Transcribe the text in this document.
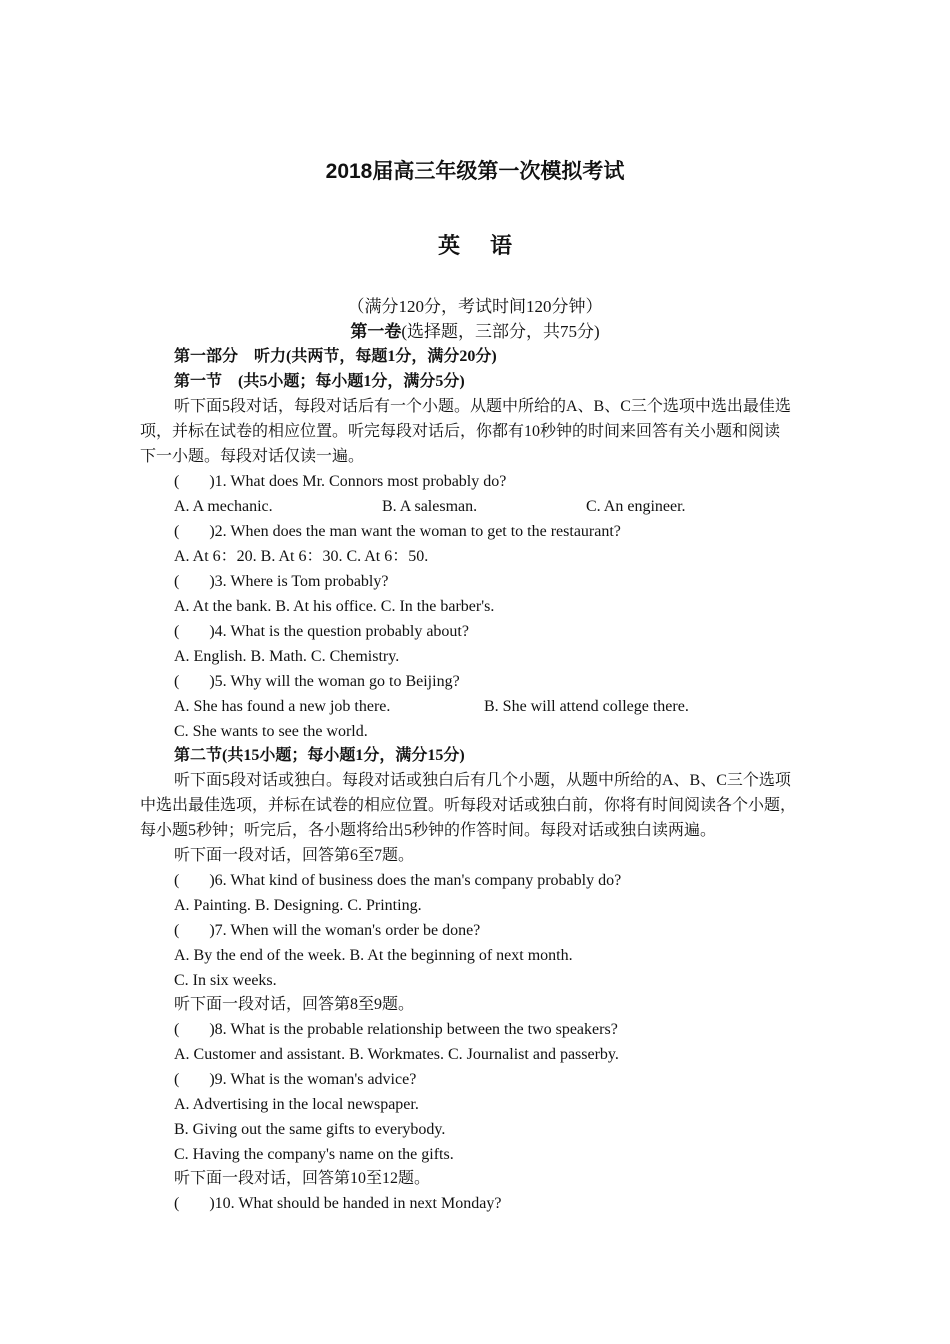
2018届高三年级第一次模拟考试
英语
（满分120分，考试时间120分钟）
第一卷(选择题，三部分，共75分)
第一部分　听力(共两节，每题1分，满分20分)
第一节　(共5小题；每小题1分，满分5分)
听下面5段对话，每段对话后有一个小题。从题中所给的A、B、C三个选项中选出最佳选
项，并标在试卷的相应位置。听完每段对话后，你都有10秒钟的时间来回答有关小题和阅读
下一小题。每段对话仅读一遍。
( )1. What does Mr. Connors most probably do?
A. A mechanic.	B. A salesman.	C. An engineer.
( )2. When does the man want the woman to get to the restaurant?
A. At 6：20. B. At 6：30. C. At 6：50.
( )3. Where is Tom probably?
A. At the bank. B. At his office. C. In the barber's.
( )4. What is the question probably about?
A. English. B. Math. C. Chemistry.
( )5. Why will the woman go to Beijing?
A. She has found a new job there.	B. She will attend college there.
C. She wants to see the world.
第二节(共15小题；每小题1分，满分15分)
听下面5段对话或独白。每段对话或独白后有几个小题，从题中所给的A、B、C三个选项
中选出最佳选项，并标在试卷的相应位置。听每段对话或独白前，你将有时间阅读各个小题，
每小题5秒钟；听完后，各小题将给出5秒钟的作答时间。每段对话或独白读两遍。
听下面一段对话，回答第6至7题。
( )6. What kind of business does the man's company probably do?
A. Painting. B. Designing. C. Printing.
( )7. When will the woman's order be done?
A. By the end of the week. B. At the beginning of next month.
C. In six weeks.
听下面一段对话，回答第8至9题。
( )8. What is the probable relationship between the two speakers?
A. Customer and assistant. B. Workmates. C. Journalist and passerby.
( )9. What is the woman's advice?
A. Advertising in the local newspaper.
B. Giving out the same gifts to everybody.
C. Having the company's name on the gifts.
听下面一段对话，回答第10至12题。
( )10. What should be handed in next Monday?
